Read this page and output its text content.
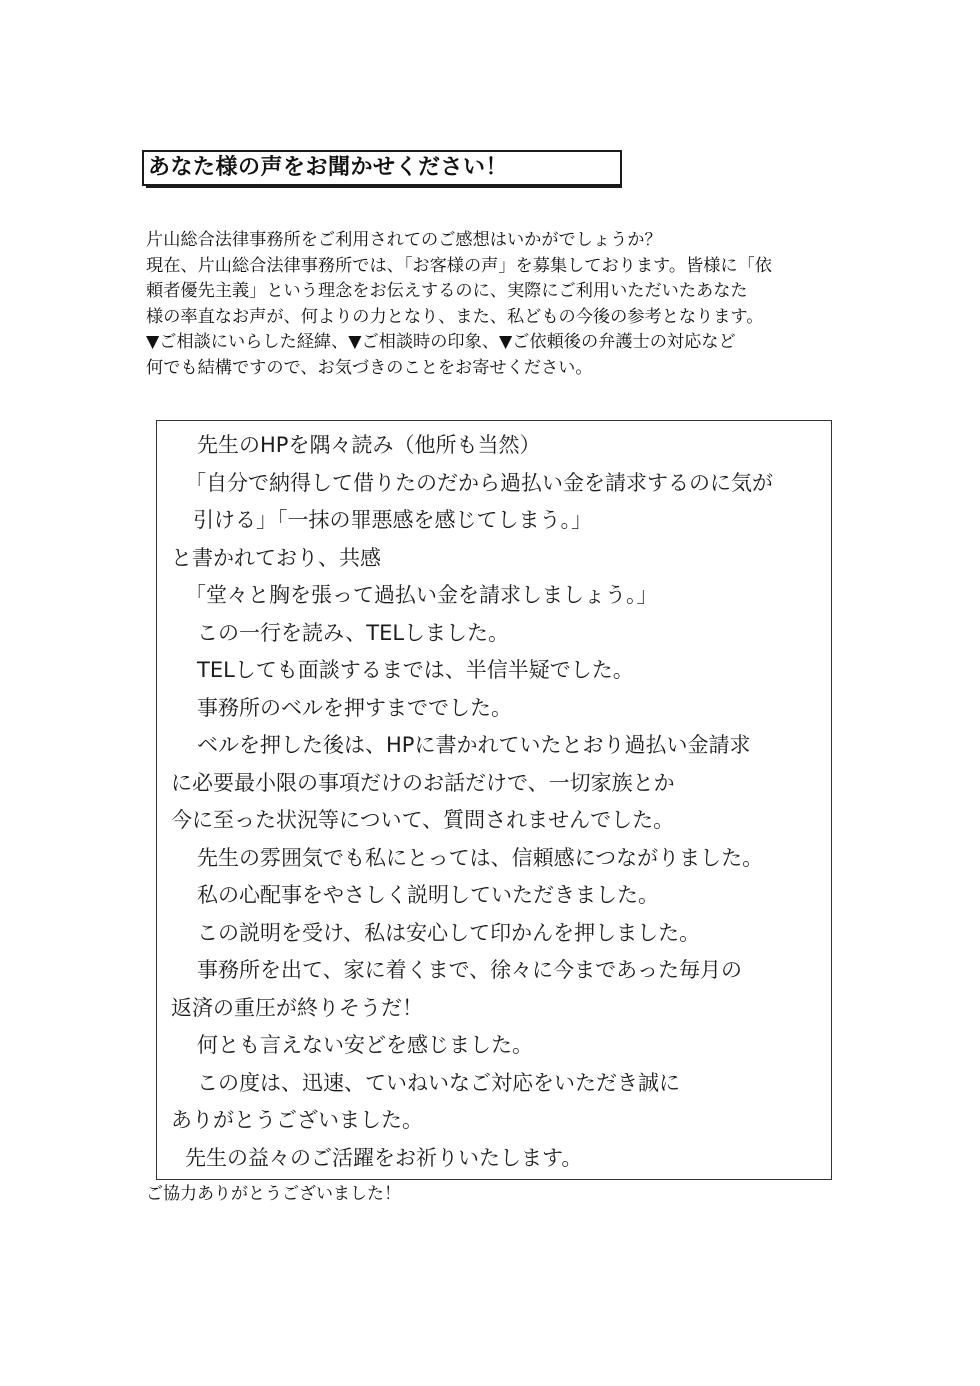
あなた様の声をお聞かせください！

片山総合法律事務所をご利用されてのご感想はいかがでしょうか？

現在、片山総合法律事務所では、「お客様の声」を募集しております。皆様に「依

頼者優先主義」という理念をお伝えするのに、実際にご利用いただいたあなた

様の率直なお声が、何よりの力となり、また、私どもの今後の参考となります。

▼ご相談にいらした経緯、▼ご相談時の印象、▼ご依頼後の弁護士の対応など

何でも結構ですので、お気づきのことをお寄せください。

先生のHPを隅々読み（他所も当然）
「自分で納得して借りたのだから過払い金を請求するのに気が
引ける」「一抹の罪悪感を感じてしまう。」
と書かれており、共感
「堂々と胸を張って過払い金を請求しましょう。」
この一行を読み、TELしました。
TELしても面談するまでは、半信半疑でした。
事務所のベルを押すまででした。
ベルを押した後は、HPに書かれていたとおり過払い金請求
に必要最小限の事項だけのお話だけで、一切家族とか
今に至った状況等について、質問されませんでした。
先生の雰囲気でも私にとっては、信頼感につながりました。
私の心配事をやさしく説明していただきました。
この説明を受け、私は安心して印かんを押しました。
事務所を出て、家に着くまで、徐々に今まであった毎月の
返済の重圧が終りそうだ！
何とも言えない安どを感じました。
この度は、迅速、ていねいなご対応をいただき誠に
ありがとうございました。
先生の益々のご活躍をお祈りいたします。
ご協力ありがとうございました！
